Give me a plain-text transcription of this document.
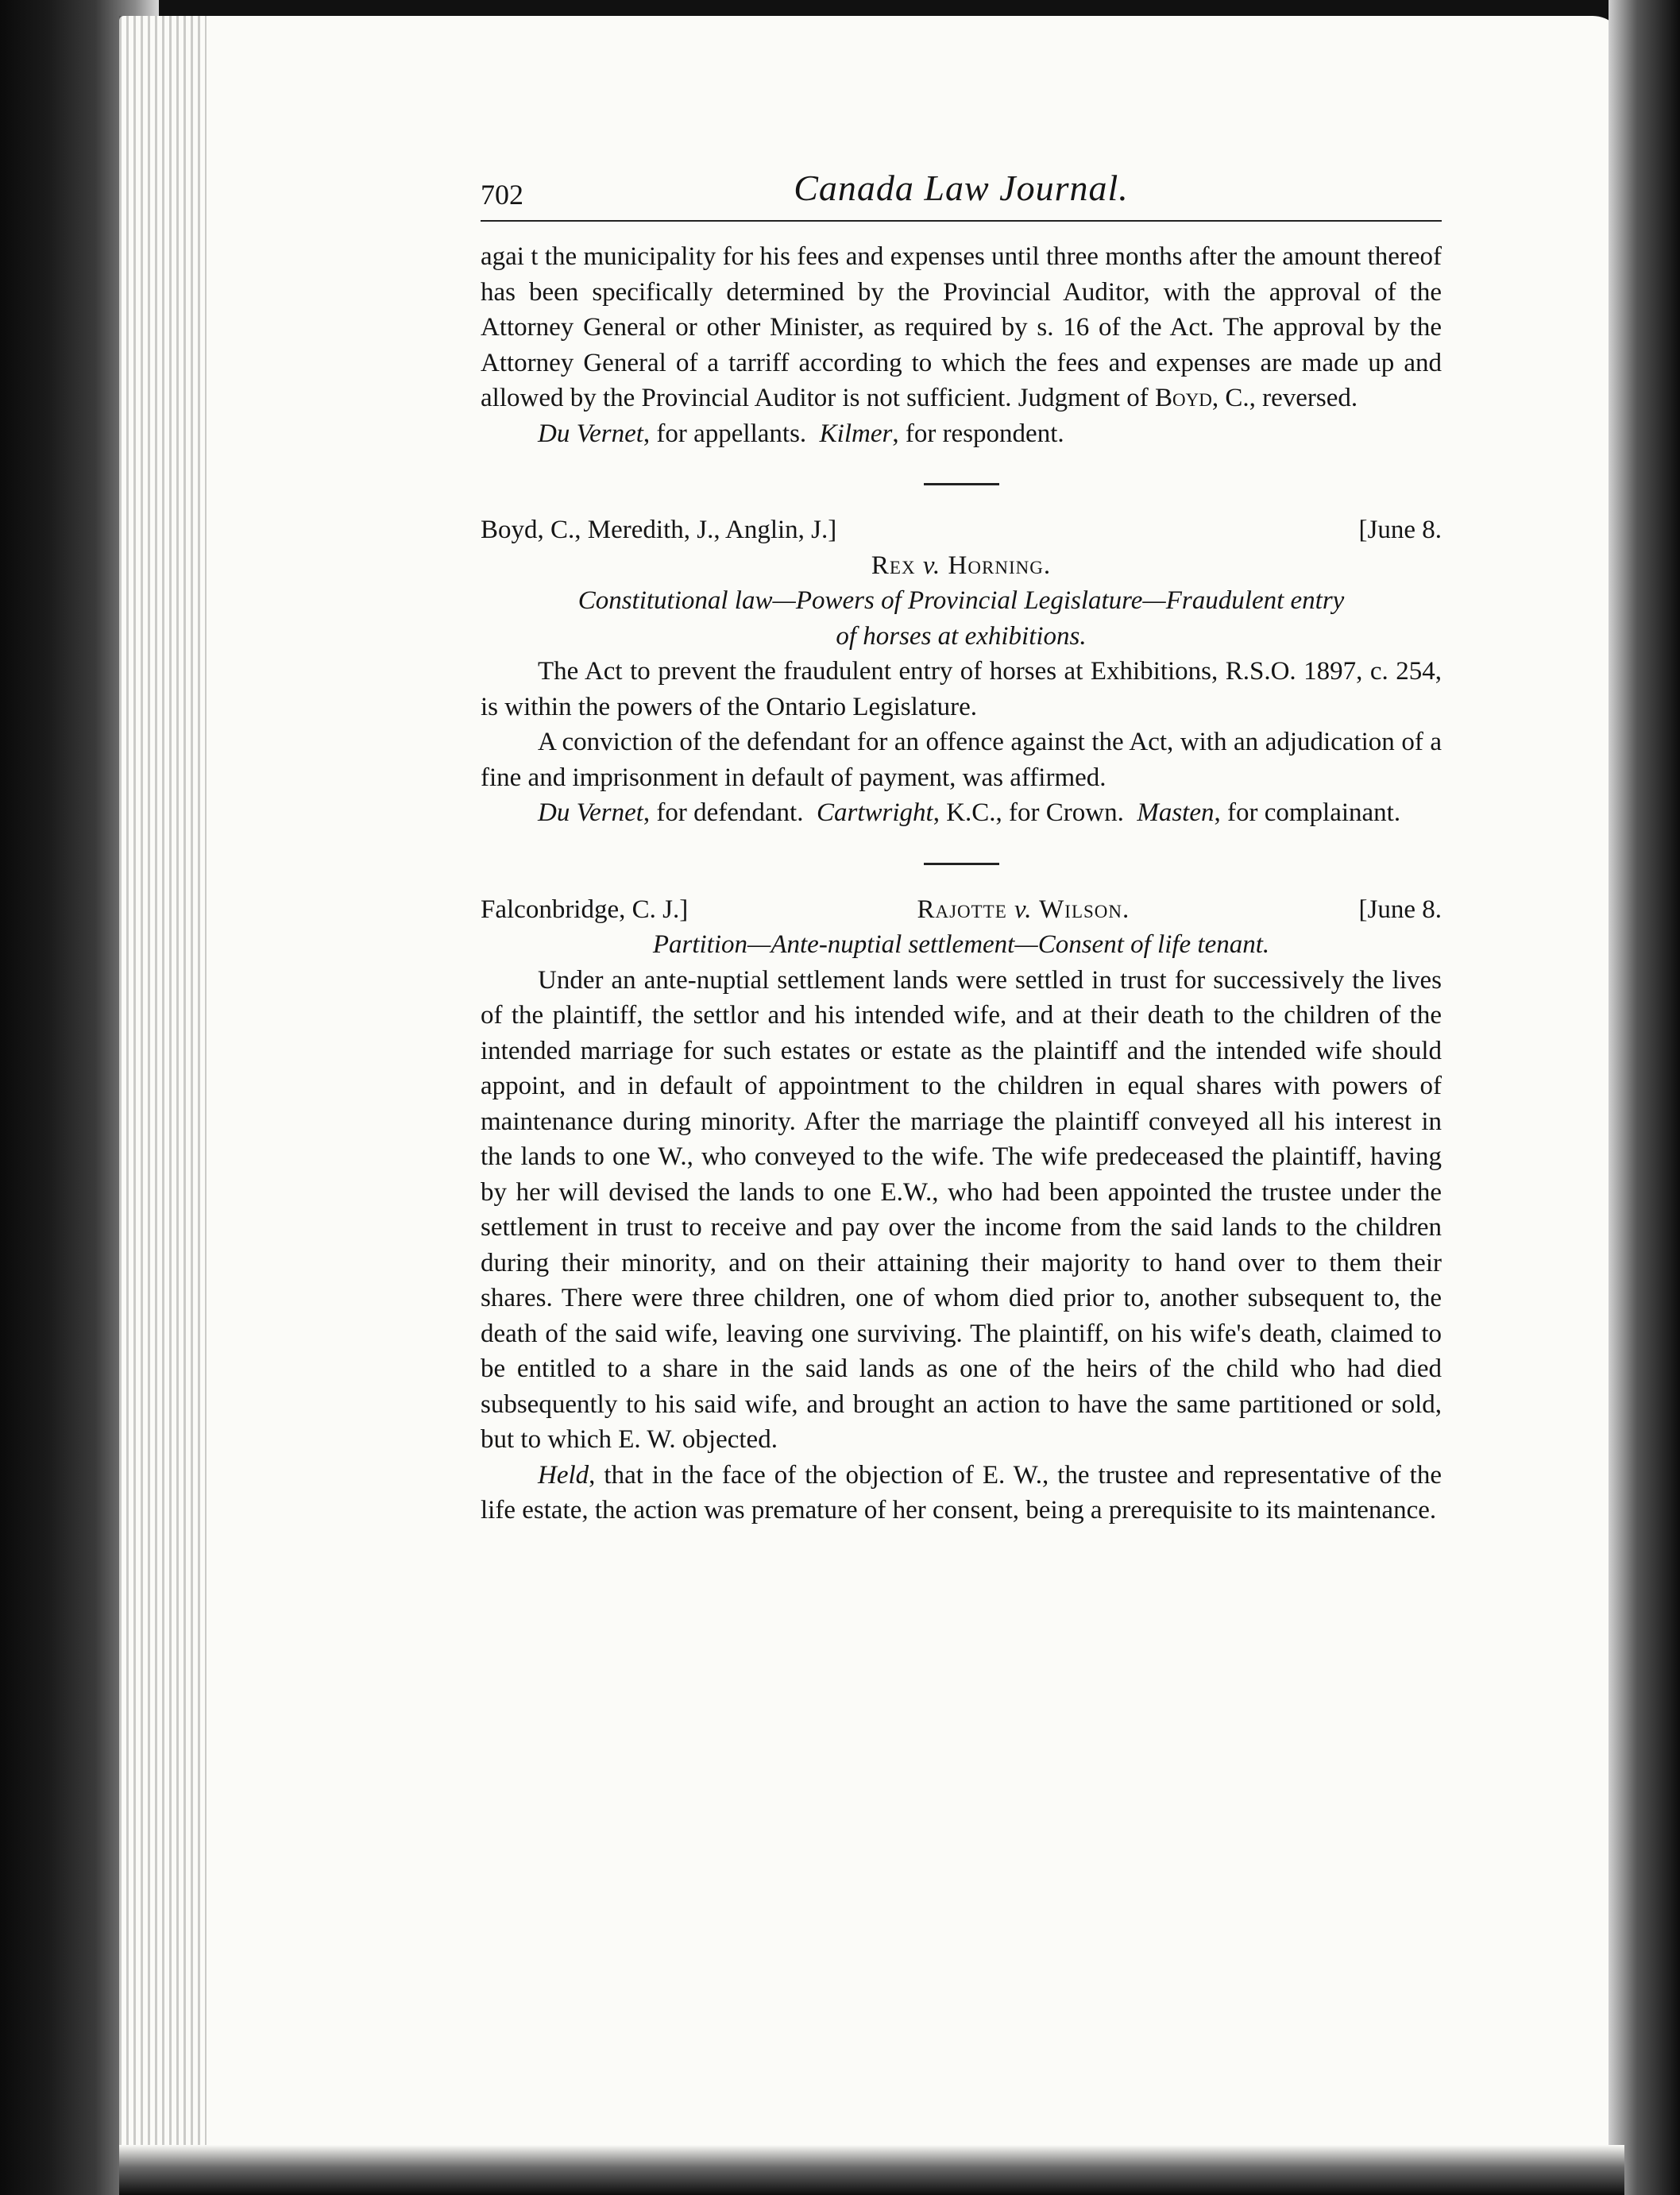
702	Canada Law Journal.

agai t the municipality for his fees and expenses until three months after the amount thereof has been specifically determined by the Provincial Auditor, with the approval of the Attorney General or other Minister, as required by s. 16 of the Act. The approval by the Attorney General of a tarriff according to which the fees and expenses are made up and allowed by the Provincial Auditor is not sufficient. Judgment of Boyd, C., reversed.

Du Vernet, for appellants. Kilmer, for respondent.

Boyd, C., Meredith, J., Anglin, J.]	[June 8.

Rex v. Horning.

Constitutional law—Powers of Provincial Legislature—Fraudulent entry
of horses at exhibitions.

The Act to prevent the fraudulent entry of horses at Exhibitions, R.S.O. 1897, c. 254, is within the powers of the Ontario Legislature.

A conviction of the defendant for an offence against the Act, with an adjudication of a fine and imprisonment in default of payment, was affirmed.

Du Vernet, for defendant. Cartwright, K.C., for Crown. Masten, for complainant.

Falconbridge, C. J.]	Rajotte v. Wilson.	[June 8.

Partition—Ante-nuptial settlement—Consent of life tenant.

Under an ante-nuptial settlement lands were settled in trust for successively the lives of the plaintiff, the settlor and his intended wife, and at their death to the children of the intended marriage for such estates or estate as the plaintiff and the intended wife should appoint, and in default of appointment to the children in equal shares with powers of maintenance during minority. After the marriage the plaintiff conveyed all his interest in the lands to one W., who conveyed to the wife. The wife predeceased the plaintiff, having by her will devised the lands to one E.W., who had been appointed the trustee under the settlement in trust to receive and pay over the income from the said lands to the children during their minority, and on their attaining their majority to hand over to them their shares. There were three children, one of whom died prior to, another subsequent to, the death of the said wife, leaving one surviving. The plaintiff, on his wife's death, claimed to be entitled to a share in the said lands as one of the heirs of the child who had died subsequently to his said wife, and brought an action to have the same partitioned or sold, but to which E. W. objected.

Held, that in the face of the objection of E. W., the trustee and representative of the life estate, the action was premature of her consent, being a prerequisite to its maintenance.
